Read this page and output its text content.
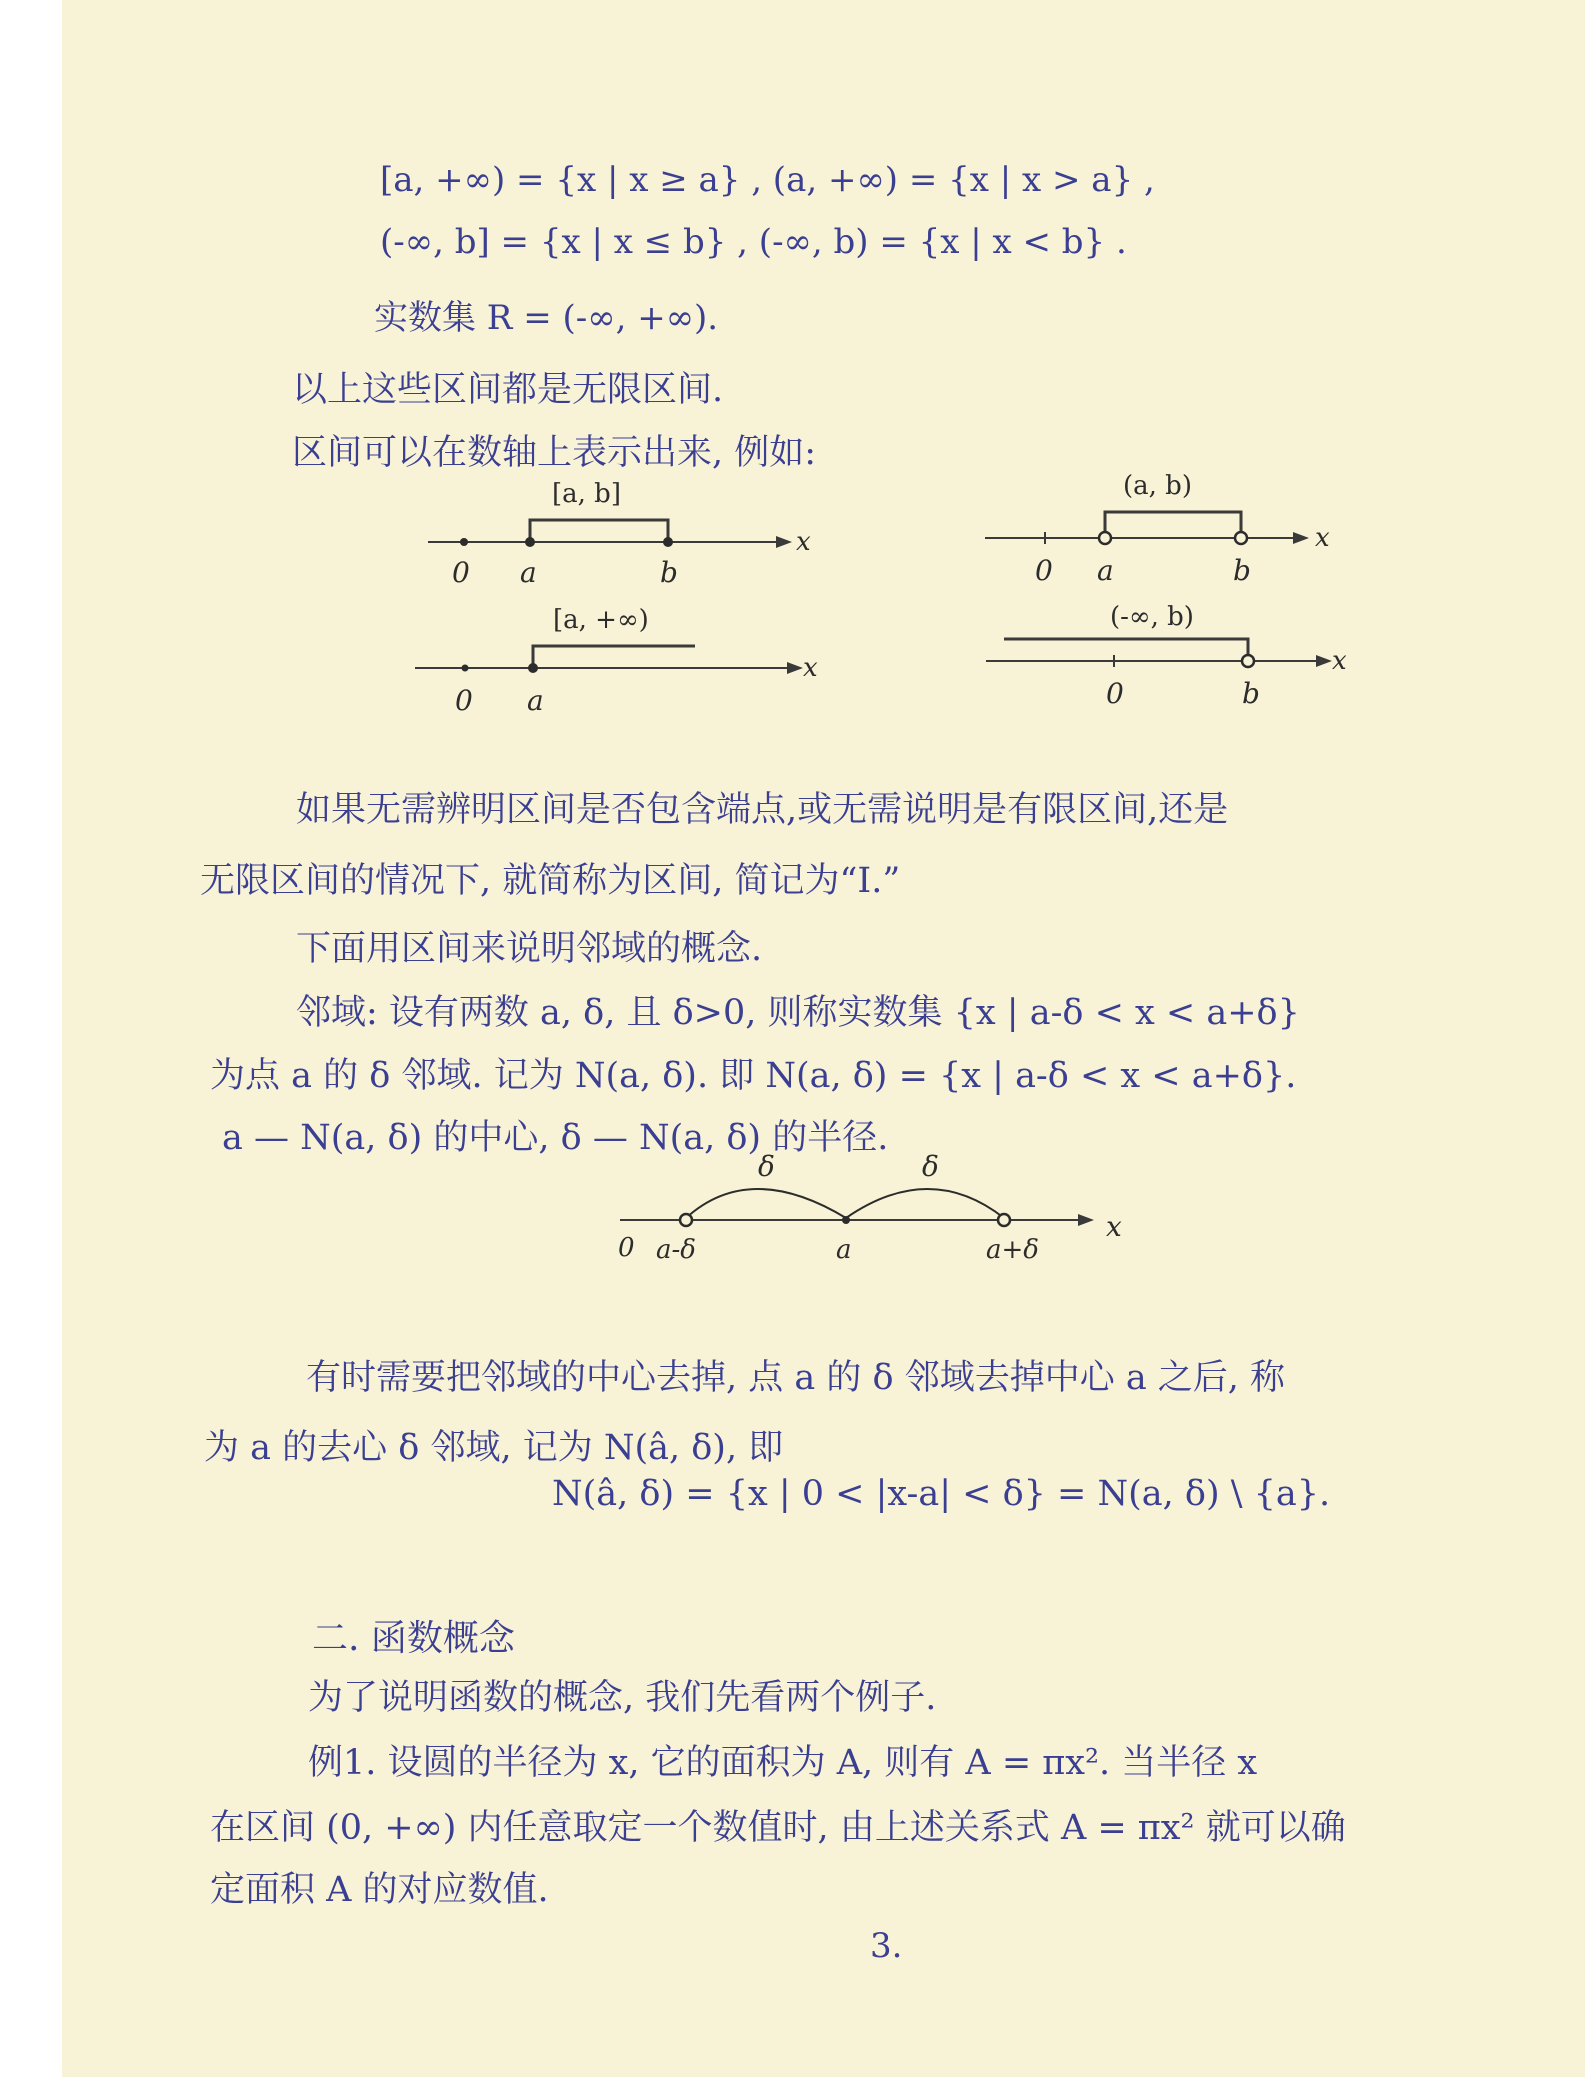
[a, +∞) = {x | x ≥ a} , (a, +∞) = {x | x > a} ,
(-∞, b] = {x | x ≤ b} , (-∞, b) = {x | x < b} .
实数集 R = (-∞, +∞).
以上这些区间都是无限区间.
区间可以在数轴上表示出来, 例如:
[a, b]
x
0 a	b
(a, b)
x
0 a	b
[a, +∞)
x
0 a
(-∞, b)
x
0	b
如果无需辨明区间是否包含端点,或无需说明是有限区间,还是
无限区间的情况下, 就简称为区间, 简记为“I.”
下面用区间来说明邻域的概念.
邻域: 设有两数 a, δ, 且 δ>0, 则称实数集 {x | a-δ < x < a+δ}
为点 a 的 δ 邻域. 记为 N(a, δ). 即 N(a, δ) = {x | a-δ < x < a+δ}.
a — N(a, δ) 的中心, δ — N(a, δ) 的半径.
δ	δ
x
0 a-δ	a	a+δ
有时需要把邻域的中心去掉, 点 a 的 δ 邻域去掉中心 a 之后, 称
为 a 的去心 δ 邻域, 记为 N(â, δ), 即
N(â, δ) = {x | 0 < |x-a| < δ} = N(a, δ) \ {a}.
二. 函数概念
为了说明函数的概念, 我们先看两个例子.
例1. 设圆的半径为 x, 它的面积为 A, 则有 A = πx². 当半径 x
在区间 (0, +∞) 内任意取定一个数值时, 由上述关系式 A = πx² 就可以确
定面积 A 的对应数值.
3.
